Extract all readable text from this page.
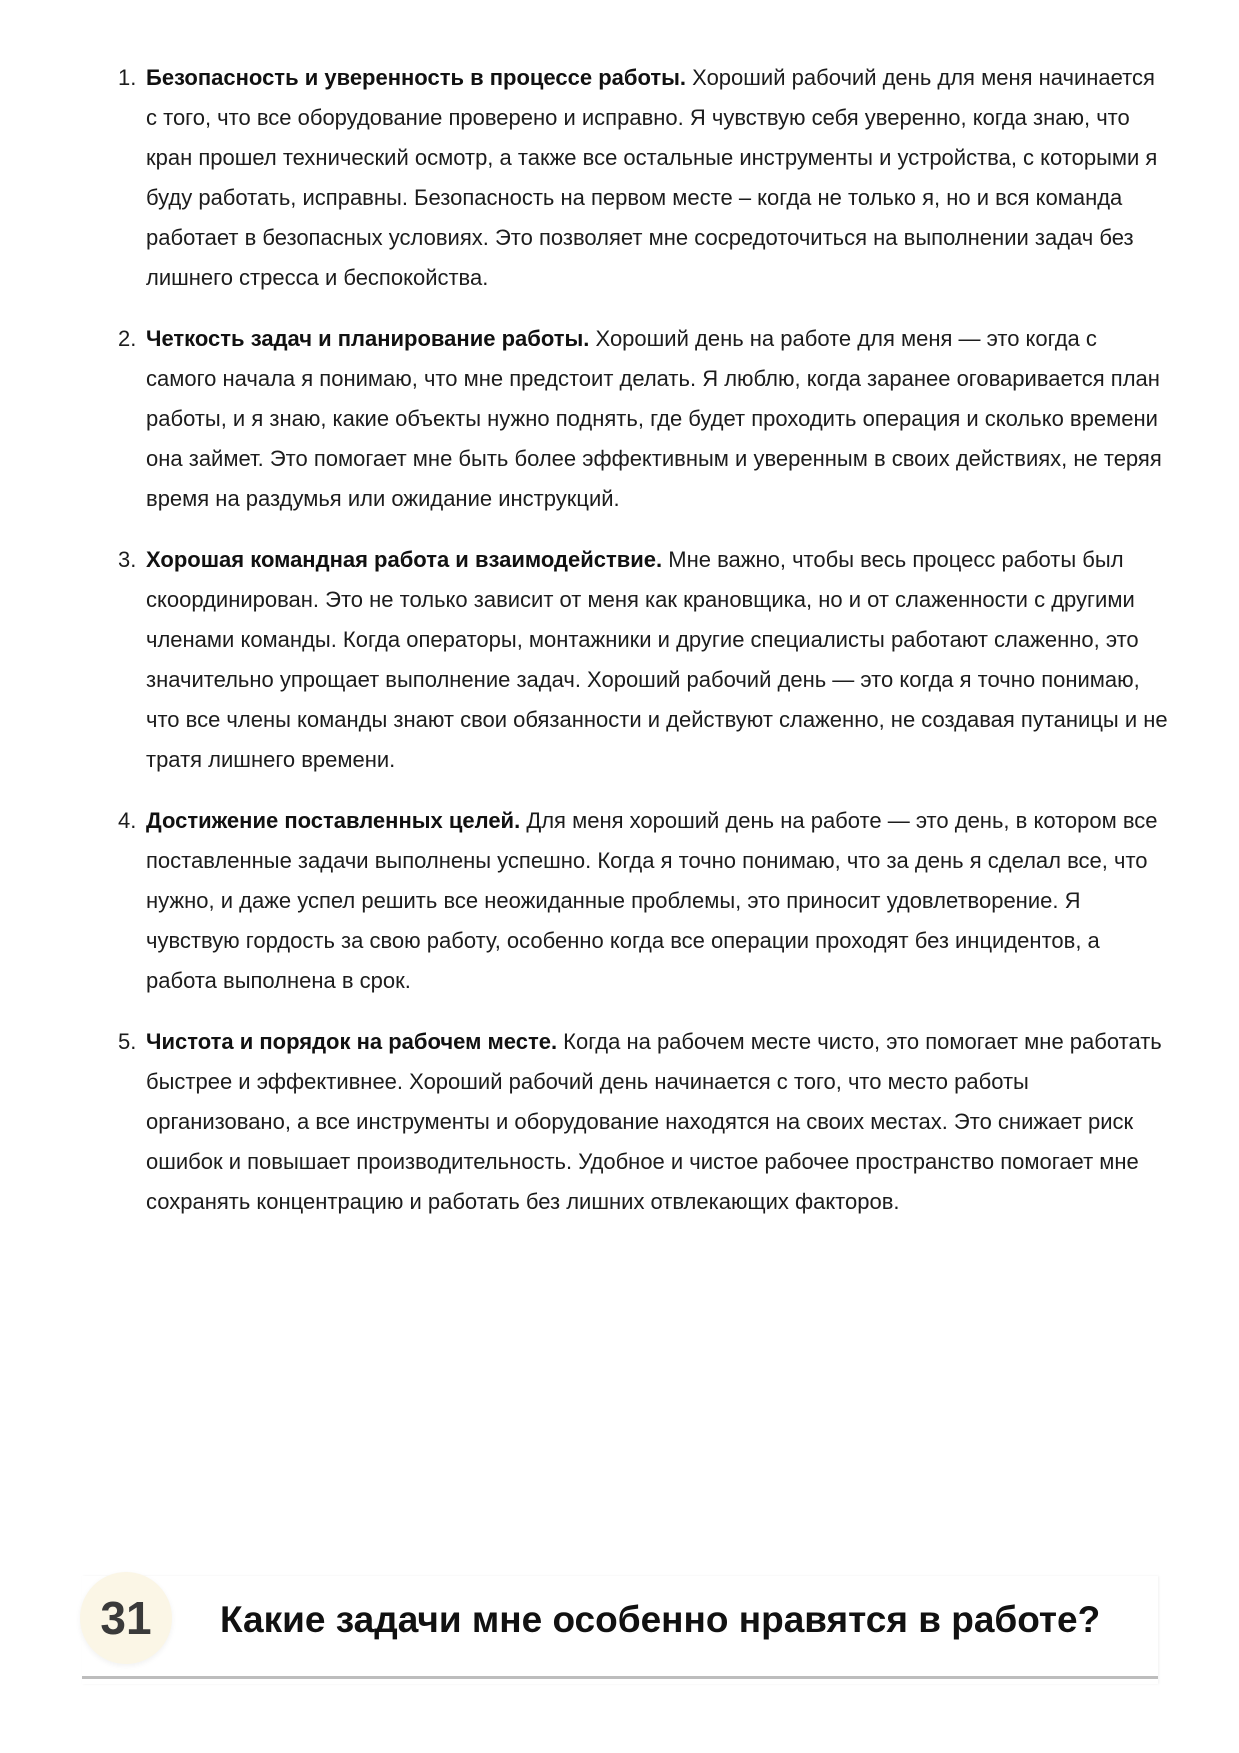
1. Безопасность и уверенность в процессе работы. Хороший рабочий день для меня начинается с того, что все оборудование проверено и исправно. Я чувствую себя уверенно, когда знаю, что кран прошел технический осмотр, а также все остальные инструменты и устройства, с которыми я буду работать, исправны. Безопасность на первом месте – когда не только я, но и вся команда работает в безопасных условиях. Это позволяет мне сосредоточиться на выполнении задач без лишнего стресса и беспокойства.
2. Четкость задач и планирование работы. Хороший день на работе для меня — это когда с самого начала я понимаю, что мне предстоит делать. Я люблю, когда заранее оговаривается план работы, и я знаю, какие объекты нужно поднять, где будет проходить операция и сколько времени она займет. Это помогает мне быть более эффективным и уверенным в своих действиях, не теряя время на раздумья или ожидание инструкций.
3. Хорошая командная работа и взаимодействие. Мне важно, чтобы весь процесс работы был скоординирован. Это не только зависит от меня как крановщика, но и от слаженности с другими членами команды. Когда операторы, монтажники и другие специалисты работают слаженно, это значительно упрощает выполнение задач. Хороший рабочий день — это когда я точно понимаю, что все члены команды знают свои обязанности и действуют слаженно, не создавая путаницы и не тратя лишнего времени.
4. Достижение поставленных целей. Для меня хороший день на работе — это день, в котором все поставленные задачи выполнены успешно. Когда я точно понимаю, что за день я сделал все, что нужно, и даже успел решить все неожиданные проблемы, это приносит удовлетворение. Я чувствую гордость за свою работу, особенно когда все операции проходят без инцидентов, а работа выполнена в срок.
5. Чистота и порядок на рабочем месте. Когда на рабочем месте чисто, это помогает мне работать быстрее и эффективнее. Хороший рабочий день начинается с того, что место работы организовано, а все инструменты и оборудование находятся на своих местах. Это снижает риск ошибок и повышает производительность. Удобное и чистое рабочее пространство помогает мне сохранять концентрацию и работать без лишних отвлекающих факторов.
31	Какие задачи мне особенно нравятся в работе?
